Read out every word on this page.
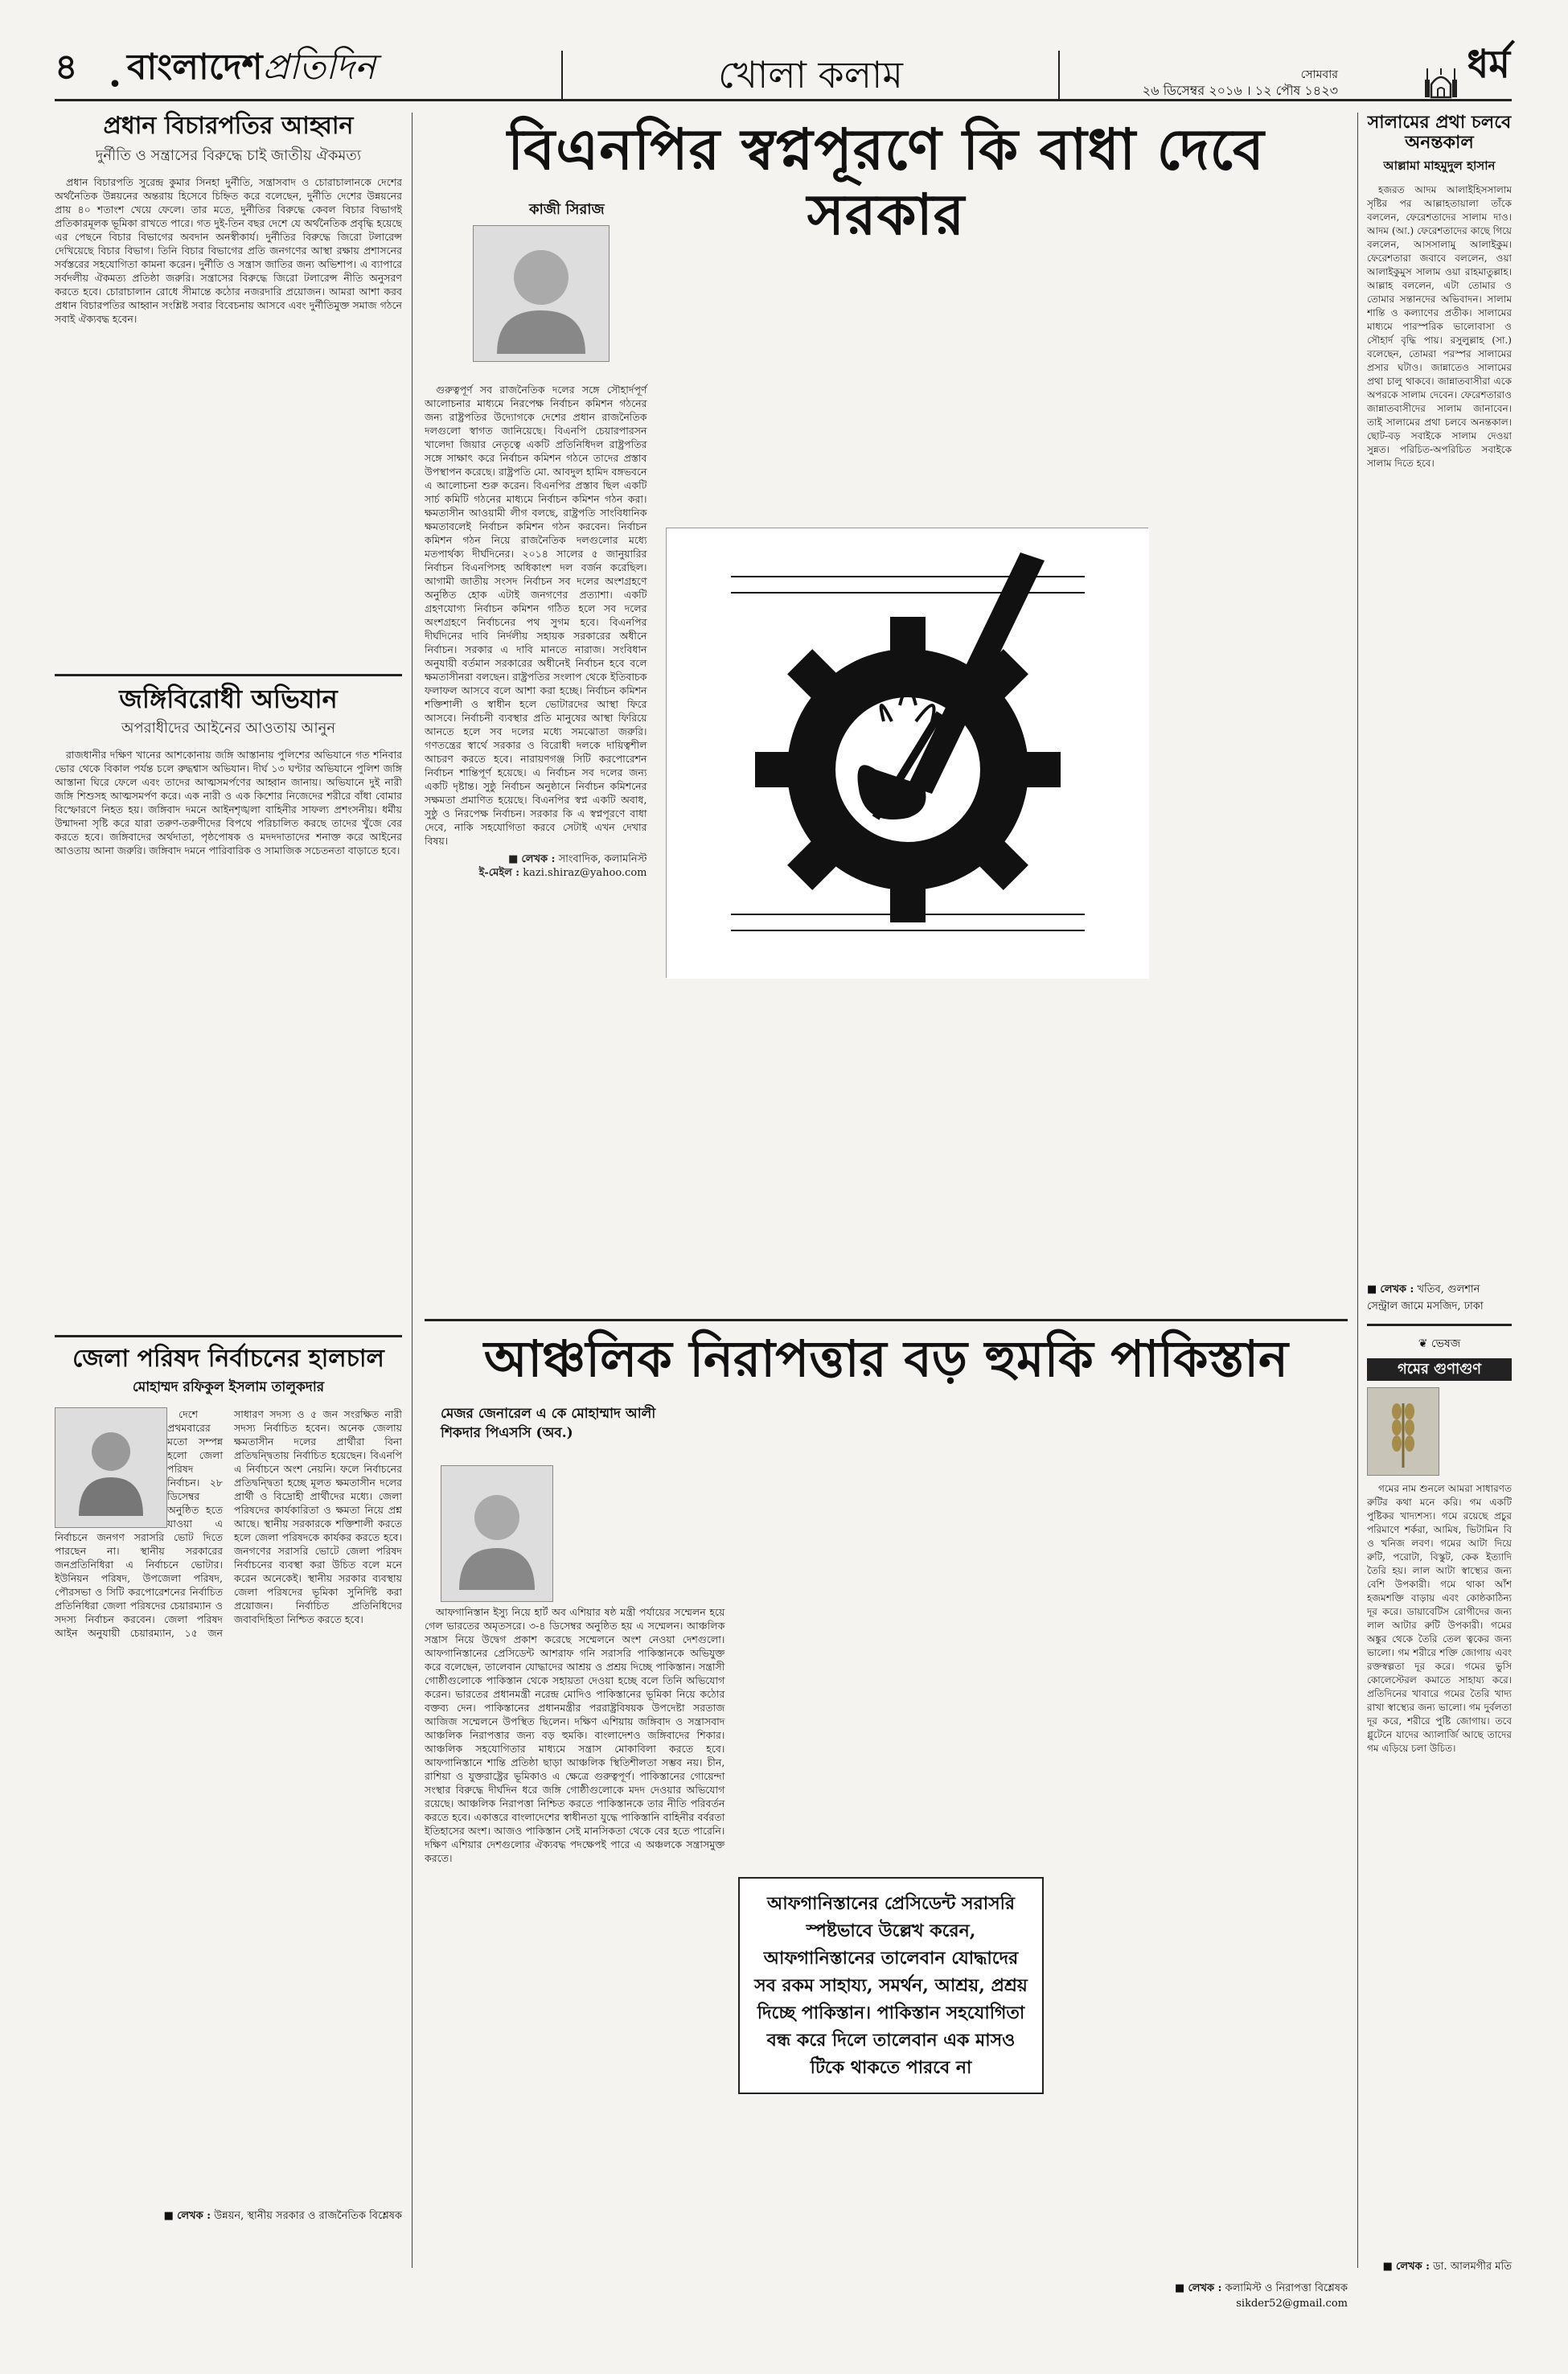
৪	• বাংলাদেশপ্রতিদিন	খোলা কলাম	সোমবার
২৬ ডিসেম্বর ২০১৬ । ১২ পৌষ ১৪২৩
ধর্ম
প্রধান বিচারপতির আহ্বান
দুর্নীতি ও সন্ত্রাসের বিরুদ্ধে চাই জাতীয় ঐকমত্য

প্রধান বিচারপতি সুরেন্দ্র কুমার সিনহা দুর্নীতি, সন্ত্রাসবাদ ও চোরাচালানকে দেশের অর্থনৈতিক উন্নয়নের অন্তরায় হিসেবে চিহ্নিত করে বলেছেন, দুর্নীতি দেশের উন্নয়নের প্রায় ৪০ শতাংশ খেয়ে ফেলে। তার মতে, দুর্নীতির বিরুদ্ধে কেবল বিচার বিভাগই প্রতিকারমূলক ভূমিকা রাখতে পারে। গত দুই-তিন বছর দেশে যে অর্থনৈতিক প্রবৃদ্ধি হয়েছে এর পেছনে বিচার বিভাগের অবদান অনস্বীকার্য। দুর্নীতির বিরুদ্ধে জিরো টলারেন্স দেখিয়েছে বিচার বিভাগ। তিনি বিচার বিভাগের প্রতি জনগণের আস্থা রক্ষায় প্রশাসনের সর্বস্তরের সহযোগিতা কামনা করেন। দুর্নীতি ও সন্ত্রাস জাতির জন্য অভিশাপ। এ ব্যাপারে সর্বদলীয় ঐকমত্য প্রতিষ্ঠা জরুরি। সন্ত্রাসের বিরুদ্ধে জিরো টলারেন্স নীতি অনুসরণ করতে হবে। চোরাচালান রোধে সীমান্তে কঠোর নজরদারি প্রয়োজন। আমরা আশা করব প্রধান বিচারপতির আহ্বান সংশ্লিষ্ট সবার বিবেচনায় আসবে এবং দুর্নীতিমুক্ত সমাজ গঠনে সবাই ঐক্যবদ্ধ হবেন।

জঙ্গিবিরোধী অভিযান
অপরাধীদের আইনের আওতায় আনুন

রাজধানীর দক্ষিণ খানের আশকোনায় জঙ্গি আস্তানায় পুলিশের অভিযানে গত শনিবার ভোর থেকে বিকাল পর্যন্ত চলে রুদ্ধশ্বাস অভিযান। দীর্ঘ ১৩ ঘণ্টার অভিযানে পুলিশ জঙ্গি আস্তানা ঘিরে ফেলে এবং তাদের আত্মসমর্পণের আহ্বান জানায়। অভিযানে দুই নারী জঙ্গি শিশুসহ আত্মসমর্পণ করে। এক নারী ও এক কিশোর নিজেদের শরীরে বাঁধা বোমার বিস্ফোরণে নিহত হয়। জঙ্গিবাদ দমনে আইনশৃঙ্খলা বাহিনীর সাফল্য প্রশংসনীয়। ধর্মীয় উন্মাদনা সৃষ্টি করে যারা তরুণ-তরুণীদের বিপথে পরিচালিত করছে তাদের খুঁজে বের করতে হবে। জঙ্গিবাদের অর্থদাতা, পৃষ্ঠপোষক ও মদদদাতাদের শনাক্ত করে আইনের আওতায় আনা জরুরি। জঙ্গিবাদ দমনে পারিবারিক ও সামাজিক সচেতনতা বাড়াতে হবে।

জেলা পরিষদ নির্বাচনের হালচাল
মোহাম্মদ রফিকুল ইসলাম তালুকদার

দেশে প্রথমবারের মতো সম্পন্ন হলো জেলা পরিষদ নির্বাচন। ২৮ ডিসেম্বর অনুষ্ঠিত হতে যাওয়া এ নির্বাচনে জনগণ সরাসরি ভোট দিতে পারছেন না। স্থানীয় সরকারের জনপ্রতিনিধিরা এ নির্বাচনে ভোটার। ইউনিয়ন পরিষদ, উপজেলা পরিষদ, পৌরসভা ও সিটি করপোরেশনের নির্বাচিত প্রতিনিধিরা জেলা পরিষদের চেয়ারম্যান ও সদস্য নির্বাচন করবেন। জেলা পরিষদ আইন অনুযায়ী চেয়ারম্যান, ১৫ জন সাধারণ সদস্য ও ৫ জন সংরক্ষিত নারী সদস্য নির্বাচিত হবেন। অনেক জেলায় ক্ষমতাসীন দলের প্রার্থীরা বিনা প্রতিদ্বন্দ্বিতায় নির্বাচিত হয়েছেন। বিএনপি এ নির্বাচনে অংশ নেয়নি। ফলে নির্বাচনের প্রতিদ্বন্দ্বিতা হচ্ছে মূলত ক্ষমতাসীন দলের প্রার্থী ও বিদ্রোহী প্রার্থীদের মধ্যে। জেলা পরিষদের কার্যকারিতা ও ক্ষমতা নিয়ে প্রশ্ন আছে। স্থানীয় সরকারকে শক্তিশালী করতে হলে জেলা পরিষদকে কার্যকর করতে হবে। জনগণের সরাসরি ভোটে জেলা পরিষদ নির্বাচনের ব্যবস্থা করা উচিত বলে মনে করেন অনেকেই। স্থানীয় সরকার ব্যবস্থায় জেলা পরিষদের ভূমিকা সুনির্দিষ্ট করা প্রয়োজন। নির্বাচিত প্রতিনিধিদের জবাবদিহিতা নিশ্চিত করতে হবে।

■ লেখক : উন্নয়ন, স্থানীয় সরকার ও রাজনৈতিক বিশ্লেষক
বিএনপির স্বপ্নপূরণে কি বাধা দেবে সরকার
কাজী সিরাজ

গুরুত্বপূর্ণ সব রাজনৈতিক দলের সঙ্গে সৌহার্দপূর্ণ আলোচনার মাধ্যমে নিরপেক্ষ নির্বাচন কমিশন গঠনের জন্য রাষ্ট্রপতির উদ্যোগকে দেশের প্রধান রাজনৈতিক দলগুলো স্বাগত জানিয়েছে। বিএনপি চেয়ারপারসন খালেদা জিয়ার নেতৃত্বে একটি প্রতিনিধিদল রাষ্ট্রপতির সঙ্গে সাক্ষাৎ করে নির্বাচন কমিশন গঠনে তাদের প্রস্তাব উপস্থাপন করেছে। রাষ্ট্রপতি মো. আবদুল হামিদ বঙ্গভবনে এ আলোচনা শুরু করেন। বিএনপির প্রস্তাব ছিল একটি সার্চ কমিটি গঠনের মাধ্যমে নির্বাচন কমিশন গঠন করা। ক্ষমতাসীন আওয়ামী লীগ বলছে, রাষ্ট্রপতি সাংবিধানিক ক্ষমতাবলেই নির্বাচন কমিশন গঠন করবেন। নির্বাচন কমিশন গঠন নিয়ে রাজনৈতিক দলগুলোর মধ্যে মতপার্থক্য দীর্ঘদিনের। ২০১৪ সালের ৫ জানুয়ারির নির্বাচন বিএনপিসহ অধিকাংশ দল বর্জন করেছিল। আগামী জাতীয় সংসদ নির্বাচন সব দলের অংশগ্রহণে অনুষ্ঠিত হোক এটাই জনগণের প্রত্যাশা। একটি গ্রহণযোগ্য নির্বাচন কমিশন গঠিত হলে সব দলের অংশগ্রহণে নির্বাচনের পথ সুগম হবে। বিএনপির দীর্ঘদিনের দাবি নির্দলীয় সহায়ক সরকারের অধীনে নির্বাচন। সরকার এ দাবি মানতে নারাজ। সংবিধান অনুযায়ী বর্তমান সরকারের অধীনেই নির্বাচন হবে বলে ক্ষমতাসীনরা বলছেন। রাষ্ট্রপতির সংলাপ থেকে ইতিবাচক ফলাফল আসবে বলে আশা করা হচ্ছে। নির্বাচন কমিশন শক্তিশালী ও স্বাধীন হলে ভোটারদের আস্থা ফিরে আসবে। নির্বাচনী ব্যবস্থার প্রতি মানুষের আস্থা ফিরিয়ে আনতে হলে সব দলের মধ্যে সমঝোতা জরুরি। গণতন্ত্রের স্বার্থে সরকার ও বিরোধী দলকে দায়িত্বশীল আচরণ করতে হবে। নারায়ণগঞ্জ সিটি করপোরেশন নির্বাচন শান্তিপূর্ণ হয়েছে। এ নির্বাচন সব দলের জন্য একটি দৃষ্টান্ত। সুষ্ঠু নির্বাচন অনুষ্ঠানে নির্বাচন কমিশনের সক্ষমতা প্রমাণিত হয়েছে। বিএনপির স্বপ্ন একটি অবাধ, সুষ্ঠু ও নিরপেক্ষ নির্বাচন। সরকার কি এ স্বপ্নপূরণে বাধা দেবে, নাকি সহযোগিতা করবে সেটাই এখন দেখার বিষয়।

■ লেখক : সাংবাদিক, কলামনিস্ট
ই-মেইল : kazi.shiraz@yahoo.com
আঞ্চলিক নিরাপত্তার বড় হুমকি পাকিস্তান
মেজর জেনারেল এ কে মোহাম্মাদ আলী শিকদার পিএসসি (অব.)

আফগানিস্তান ইস্যু নিয়ে হার্ট অব এশিয়ার ষষ্ঠ মন্ত্রী পর্যায়ের সম্মেলন হয়ে গেল ভারতের অমৃতসরে। ৩-৪ ডিসেম্বর অনুষ্ঠিত হয় এ সম্মেলন। আঞ্চলিক সন্ত্রাস নিয়ে উদ্বেগ প্রকাশ করেছে সম্মেলনে অংশ নেওয়া দেশগুলো। আফগানিস্তানের প্রেসিডেন্ট আশরাফ গনি সরাসরি পাকিস্তানকে অভিযুক্ত করে বলেছেন, তালেবান যোদ্ধাদের আশ্রয় ও প্রশ্রয় দিচ্ছে পাকিস্তান। সন্ত্রাসী গোষ্ঠীগুলোকে পাকিস্তান থেকে সহায়তা দেওয়া হচ্ছে বলে তিনি অভিযোগ করেন। ভারতের প্রধানমন্ত্রী নরেন্দ্র মোদিও পাকিস্তানের ভূমিকা নিয়ে কঠোর বক্তব্য দেন। পাকিস্তানের প্রধানমন্ত্রীর পররাষ্ট্রবিষয়ক উপদেষ্টা সরতাজ আজিজ সম্মেলনে উপস্থিত ছিলেন। দক্ষিণ এশিয়ায় জঙ্গিবাদ ও সন্ত্রাসবাদ আঞ্চলিক নিরাপত্তার জন্য বড় হুমকি। বাংলাদেশও জঙ্গিবাদের শিকার। আঞ্চলিক সহযোগিতার মাধ্যমে সন্ত্রাস মোকাবিলা করতে হবে। আফগানিস্তানে শান্তি প্রতিষ্ঠা ছাড়া আঞ্চলিক স্থিতিশীলতা সম্ভব নয়। চীন, রাশিয়া ও যুক্তরাষ্ট্রের ভূমিকাও এ ক্ষেত্রে গুরুত্বপূর্ণ। পাকিস্তানের গোয়েন্দা সংস্থার বিরুদ্ধে দীর্ঘদিন ধরে জঙ্গি গোষ্ঠীগুলোকে মদদ দেওয়ার অভিযোগ রয়েছে। আঞ্চলিক নিরাপত্তা নিশ্চিত করতে পাকিস্তানকে তার নীতি পরিবর্তন করতে হবে। একাত্তরে বাংলাদেশের স্বাধীনতা যুদ্ধে পাকিস্তানি বাহিনীর বর্বরতা ইতিহাসের অংশ। আজও পাকিস্তান সেই মানসিকতা থেকে বের হতে পারেনি। দক্ষিণ এশিয়ার দেশগুলোর ঐক্যবদ্ধ পদক্ষেপই পারে এ অঞ্চলকে সন্ত্রাসমুক্ত করতে।

আফগানিস্তানের প্রেসিডেন্ট সরাসরি স্পষ্টভাবে উল্লেখ করেন, আফগানিস্তানের তালেবান যোদ্ধাদের সব রকম সাহায্য, সমর্থন, আশ্রয়, প্রশ্রয় দিচ্ছে পাকিস্তান। পাকিস্তান সহযোগিতা বন্ধ করে দিলে তালেবান এক মাসও টিকে থাকতে পারবে না
■ লেখক : কলামিস্ট ও নিরাপত্তা বিশ্লেষক
sikder52@gmail.com
সালামের প্রথা চলবে অনন্তকাল
আল্লামা মাহমুদুল হাসান

হজরত আদম আলাইহিসসালাম সৃষ্টির পর আল্লাহতায়ালা তাঁকে বললেন, ফেরেশতাদের সালাম দাও। আদম (আ.) ফেরেশতাদের কাছে গিয়ে বললেন, আসসালামু আলাইকুম। ফেরেশতারা জবাবে বললেন, ওয়া আলাইকুমুস সালাম ওয়া রাহমাতুল্লাহ। আল্লাহ বললেন, এটা তোমার ও তোমার সন্তানদের অভিবাদন। সালাম শান্তি ও কল্যাণের প্রতীক। সালামের মাধ্যমে পারস্পরিক ভালোবাসা ও সৌহার্দ বৃদ্ধি পায়। রসুলুল্লাহ (সা.) বলেছেন, তোমরা পরস্পর সালামের প্রসার ঘটাও। জান্নাতেও সালামের প্রথা চালু থাকবে। জান্নাতবাসীরা একে অপরকে সালাম দেবেন। ফেরেশতারাও জান্নাতবাসীদের সালাম জানাবেন। তাই সালামের প্রথা চলবে অনন্তকাল। ছোট-বড় সবাইকে সালাম দেওয়া সুন্নত। পরিচিত-অপরিচিত সবাইকে সালাম দিতে হবে।

■ লেখক : খতিব, গুলশান সেন্ট্রাল জামে মসজিদ, ঢাকা
❦ ভেষজ
গমের গুণাগুণ

গমের নাম শুনলে আমরা সাধারণত রুটির কথা মনে করি। গম একটি পুষ্টিকর খাদ্যশস্য। গমে রয়েছে প্রচুর পরিমাণে শর্করা, আমিষ, ভিটামিন বি ও খনিজ লবণ। গমের আটা দিয়ে রুটি, পরোটা, বিস্কুট, কেক ইত্যাদি তৈরি হয়। লাল আটা স্বাস্থ্যের জন্য বেশি উপকারী। গমে থাকা আঁশ হজমশক্তি বাড়ায় এবং কোষ্ঠকাঠিন্য দূর করে। ডায়াবেটিস রোগীদের জন্য লাল আটার রুটি উপকারী। গমের অঙ্কুর থেকে তৈরি তেল ত্বকের জন্য ভালো। গম শরীরে শক্তি জোগায় এবং রক্তস্বল্পতা দূর করে। গমের ভুসি কোলেস্টেরল কমাতে সাহায্য করে। প্রতিদিনের খাবারে গমের তৈরি খাদ্য রাখা স্বাস্থ্যের জন্য ভালো। গম দুর্বলতা দূর করে, শরীরে পুষ্টি জোগায়। তবে গ্লুটেনে যাদের অ্যালার্জি আছে তাদের গম এড়িয়ে চলা উচিত।

■ লেখক : ডা. আলমগীর মতি
